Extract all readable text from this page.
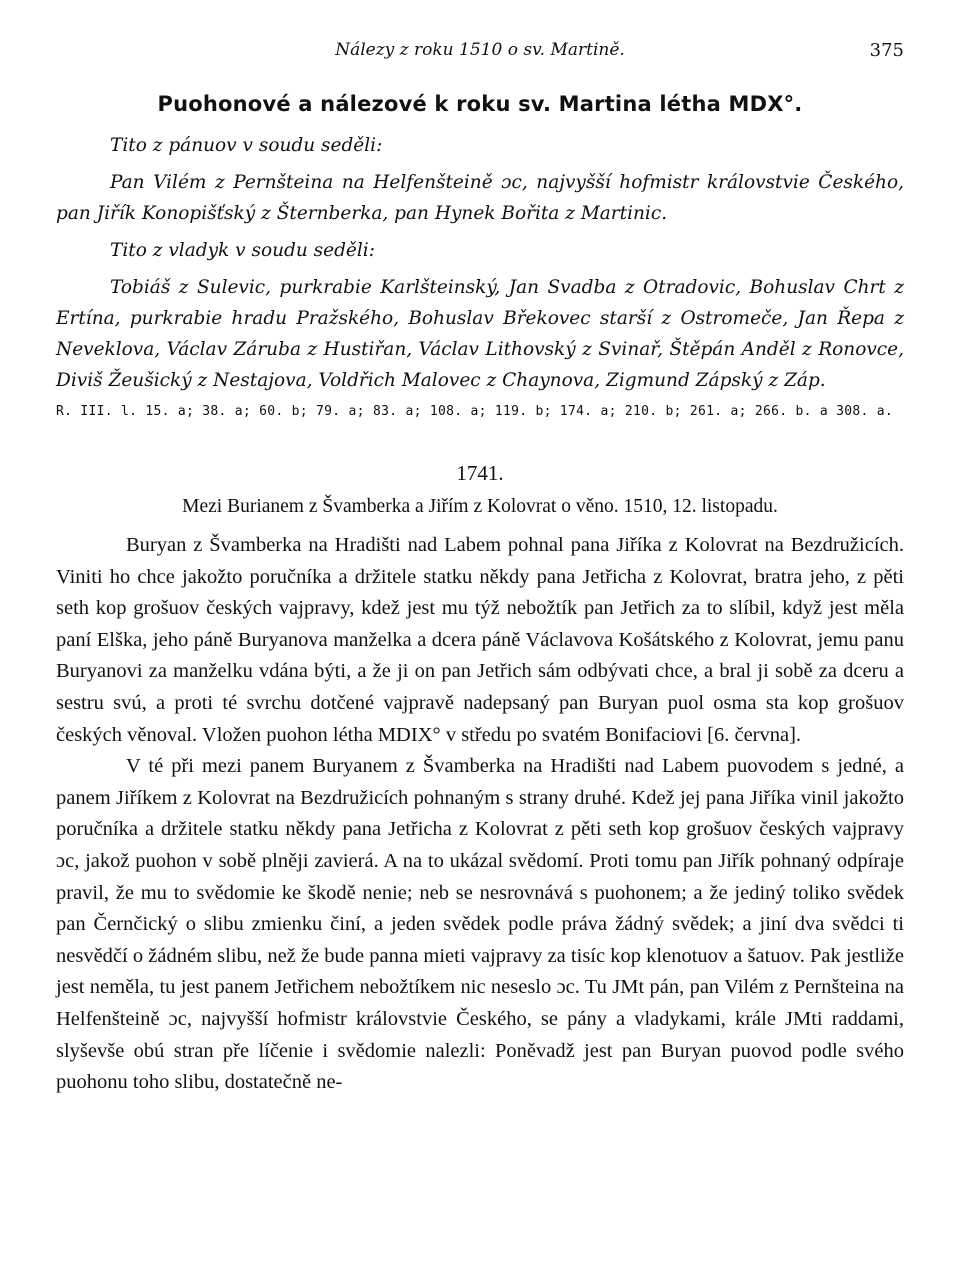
Nálezy z roku 1510 o sv. Martině.	375
Puohonové a nálezové k roku sv. Martina létha MDX°.

Tito z pánuov v soudu seděli:

Pan Vilém z Pernšteina na Helfenšteině ɔc, najvyšší hofmistr královstvie Českého, pan Jiřík Konopišťský z Šternberka, pan Hynek Bořita z Martinic.

Tito z vladyk v soudu seděli:

Tobiáš z Sulevic, purkrabie Karlšteinský, Jan Svadba z Otradovic, Bohuslav Chrt z Ertína, purkrabie hradu Pražského, Bohuslav Břekovec starší z Ostromeče, Jan Řepa z Neveklova, Václav Záruba z Hustiřan, Václav Lithovský z Svinař, Štěpán Anděl z Ronovce, Diviš Žeušický z Nestajova, Voldřich Malovec z Chaynova, Zigmund Zápský z Záp.

R. III. l. 15. a; 38. a; 60. b; 79. a; 83. a; 108. a; 119. b; 174. a; 210. b; 261. a; 266. b. a 308. a.

1741.
Mezi Burianem z Švamberka a Jiřím z Kolovrat o věno. 1510, 12. listopadu.

Buryan z Švamberka na Hradišti nad Labem pohnal pana Jiříka z Kolovrat na Bezdružicích. Viniti ho chce jakožto poručníka a držitele statku někdy pana Jetřicha z Kolovrat, bratra jeho, z pěti seth kop grošuov českých vajpravy, kdež jest mu týž nebožtík pan Jetřich za to slíbil, když jest měla paní Elška, jeho páně Buryanova manželka a dcera páně Václavova Košátského z Kolovrat, jemu panu Buryanovi za manželku vdána býti, a že ji on pan Jetřich sám odbývati chce, a bral ji sobě za dceru a sestru svú, a proti té svrchu dotčené vajpravě nadepsaný pan Buryan puol osma sta kop grošuov českých věnoval. Vložen puohon létha MDIX° v středu po svatém Bonifaciovi [6. června].

V té při mezi panem Buryanem z Švamberka na Hradišti nad Labem puovodem s jedné, a panem Jiříkem z Kolovrat na Bezdružicích pohnaným s strany druhé. Kdež jej pana Jiříka vinil jakožto poručníka a držitele statku někdy pana Jetřicha z Kolovrat z pěti seth kop grošuov českých vajpravy ɔc, jakož puohon v sobě plněji zavierá. A na to ukázal svědomí. Proti tomu pan Jiřík pohnaný odpíraje pravil, že mu to svědomie ke škodě nenie; neb se nesrovnává s puohonem; a že jediný toliko svědek pan Černčický o slibu zmienku činí, a jeden svědek podle práva žádný svědek; a jiní dva svědci ti nesvědčí o žádném slibu, než že bude panna mieti vajpravy za tisíc kop klenotuov a šatuov. Pak jestliže jest neměla, tu jest panem Jetřichem nebožtíkem nic neseslo ɔc. Tu JMt pán, pan Vilém z Pernšteina na Helfenšteině ɔc, najvyšší hofmistr královstvie Českého, se pány a vladykami, krále JMti raddami, slyševše obú stran pře líčenie i svědomie nalezli: Poněvadž jest pan Buryan puovod podle svého puohonu toho slibu, dostatečně ne-
